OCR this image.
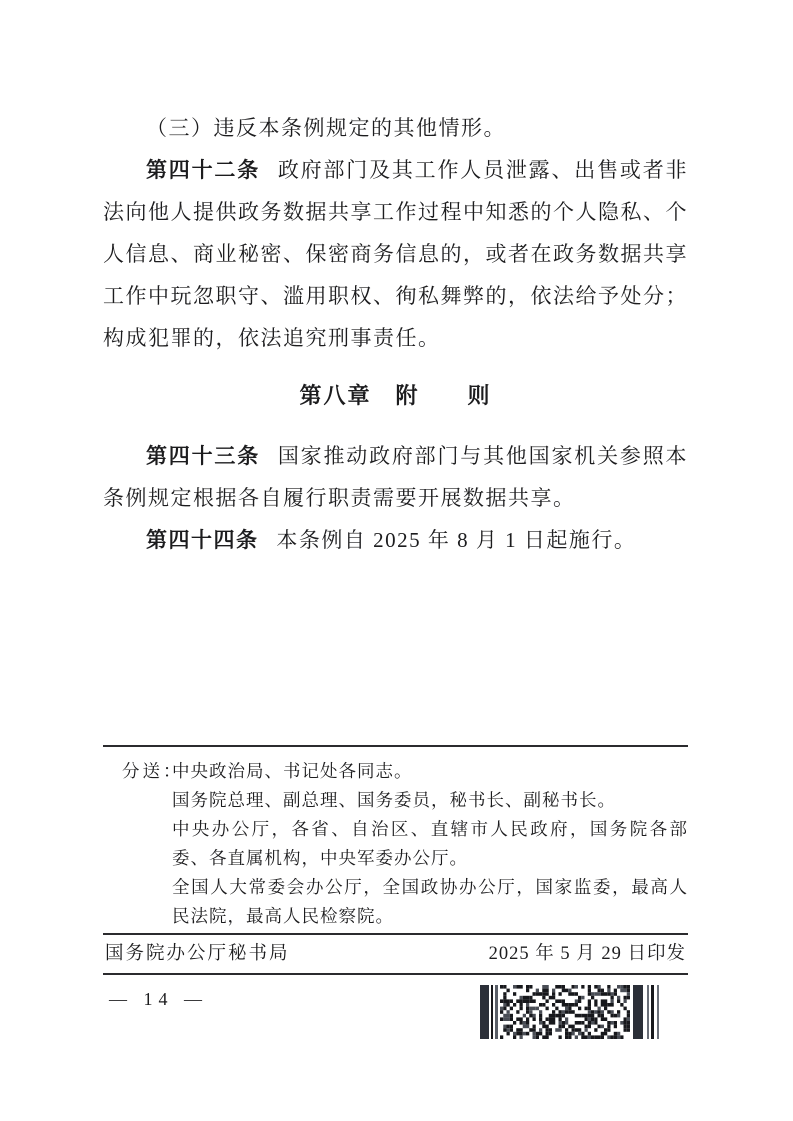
（三）违反本条例规定的其他情形。

第四十二条 政府部门及其工作人员泄露、出售或者非法向他人提供政务数据共享工作过程中知悉的个人隐私、个人信息、商业秘密、保密商务信息的，或者在政务数据共享工作中玩忽职守、滥用职权、徇私舞弊的，依法给予处分；构成犯罪的，依法追究刑事责任。

第八章　附　　则

第四十三条 国家推动政府部门与其他国家机关参照本条例规定根据各自履行职责需要开展数据共享。

第四十四条 本条例自 2025 年 8 月 1 日起施行。

分送：

中央政治局、书记处各同志。

国务院总理、副总理、国务委员，秘书长、副秘书长。

中央办公厅，各省、自治区、直辖市人民政府，国务院各部委、各直属机构，中央军委办公厅。

全国人大常委会办公厅，全国政协办公厅，国家监委，最高人民法院，最高人民检察院。

国务院办公厅秘书局	2025 年 5 月 29 日印发
— 14 —
